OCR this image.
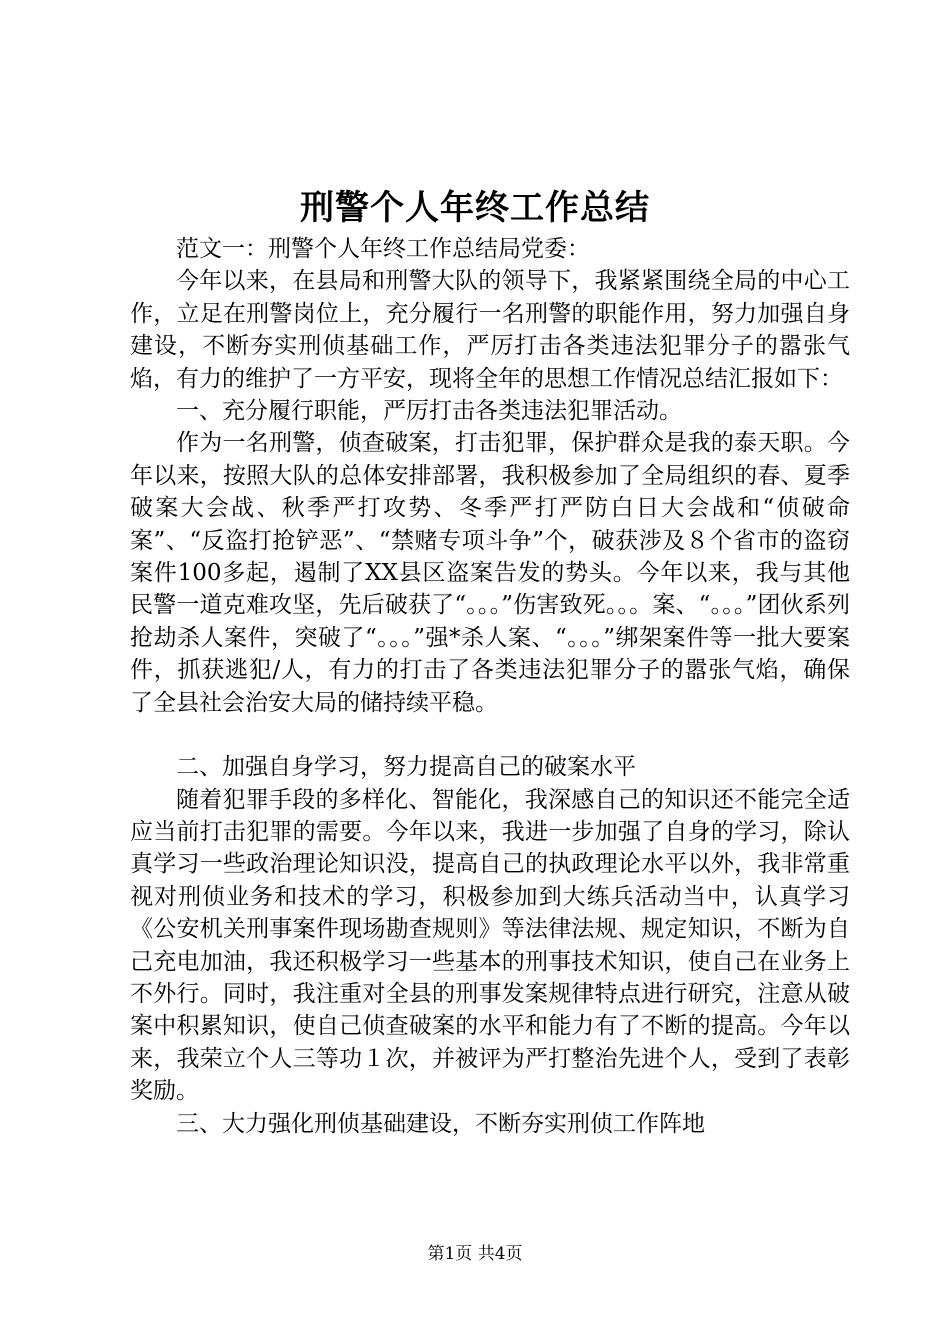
刑警个人年终工作总结

范文一：刑警个人年终工作总结局党委：

今年以来，在县局和刑警大队的领导下，我紧紧围绕全局的中心工作，立足在刑警岗位上，充分履行一名刑警的职能作用，努力加强自身建设，不断夯实刑侦基础工作，严厉打击各类违法犯罪分子的嚣张气焰，有力的维护了一方平安，现将全年的思想工作情况总结汇报如下：

一、充分履行职能，严厉打击各类违法犯罪活动。

作为一名刑警，侦查破案，打击犯罪，保护群众是我的泰天职。今年以来，按照大队的总体安排部署，我积极参加了全局组织的春、夏季破案大会战、秋季严打攻势、冬季严打严防白日大会战和“侦破命案”、“反盗打抢铲恶”、“禁赌专项斗争”个，破获涉及８个省市的盗窃案件100多起，遏制了XX县区盗案告发的势头。今年以来，我与其他民警一道克难攻坚，先后破获了“。。。”伤害致死。。。案、“。。。”团伙系列抢劫杀人案件，突破了“。。。”强*杀人案、“。。。”绑架案件等一批大要案件，抓获逃犯/人，有力的打击了各类违法犯罪分子的嚣张气焰，确保了全县社会治安大局的储持续平稳。

二、加强自身学习，努力提高自己的破案水平

随着犯罪手段的多样化、智能化，我深感自己的知识还不能完全适应当前打击犯罪的需要。今年以来，我进一步加强了自身的学习，除认真学习一些政治理论知识没，提高自己的执政理论水平以外，我非常重视对刑侦业务和技术的学习，积极参加到大练兵活动当中，认真学习《公安机关刑事案件现场勘查规则》等法律法规、规定知识，不断为自己充电加油，我还积极学习一些基本的刑事技术知识，使自己在业务上不外行。同时，我注重对全县的刑事发案规律特点进行研究，注意从破案中积累知识，使自己侦查破案的水平和能力有了不断的提高。今年以来，我荣立个人三等功１次，并被评为严打整治先进个人，受到了表彰奖励。

三、大力强化刑侦基础建设，不断夯实刑侦工作阵地

第1页 共4页
